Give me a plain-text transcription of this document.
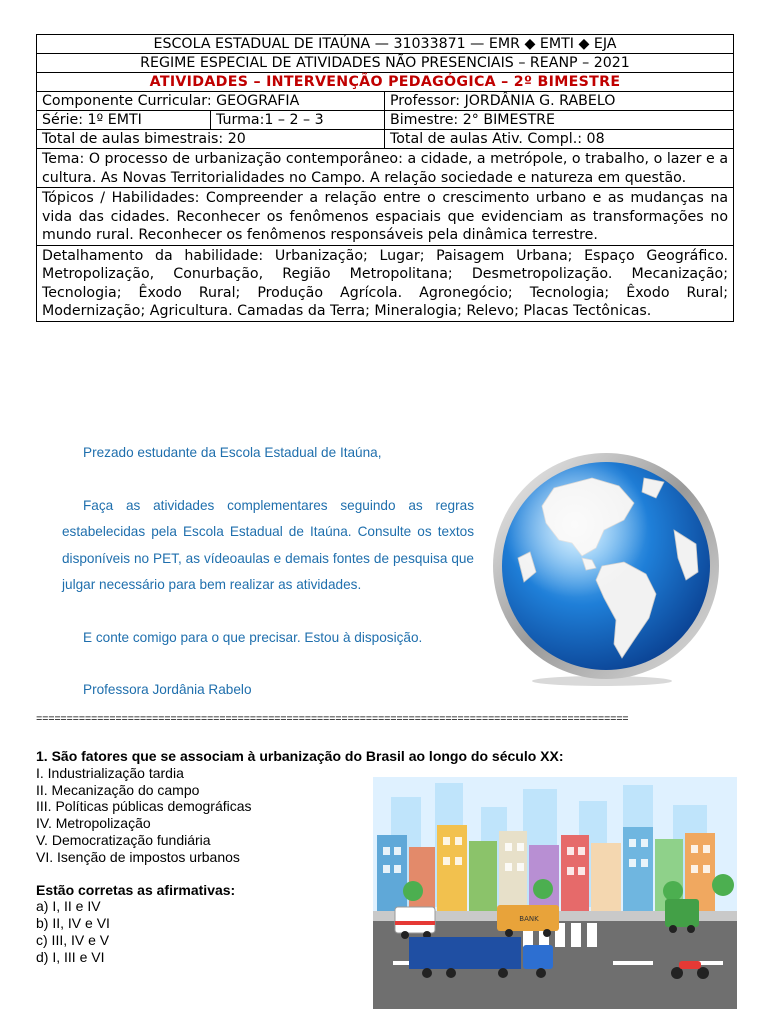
ESCOLA ESTADUAL DE ITAÚNA — 31033871 — EMR ◆ EMTI ◆ EJA		
REGIME ESPECIAL DE ATIVIDADES NÃO PRESENCIAIS – REANP – 2021		
ATIVIDADES – INTERVENÇÃO PEDAGÓGICA – 2º BIMESTRE		
Componente Curricular: GEOGRAFIA		Professor: JORDÂNIA G. RABELO
Série: 1º EMTI	Turma:1 – 2 – 3	Bimestre: 2° BIMESTRE
Total de aulas bimestrais: 20		Total de aulas Ativ. Compl.: 08
Tema: O processo de urbanização contemporâneo: a cidade, a metrópole, o trabalho, o lazer e a cultura. As Novas Territorialidades no Campo. A relação sociedade e natureza em questão.		
Tópicos / Habilidades: Compreender a relação entre o crescimento urbano e as mudanças na vida das cidades. Reconhecer os fenômenos espaciais que evidenciam as transformações no mundo rural. Reconhecer os fenômenos responsáveis pela dinâmica terrestre.		
Detalhamento da habilidade: Urbanização; Lugar; Paisagem Urbana; Espaço Geográfico. Metropolização, Conurbação, Região Metropolitana; Desmetropolização. Mecanização; Tecnologia; Êxodo Rural; Produção Agrícola. Agronegócio; Tecnologia; Êxodo Rural; Modernização; Agricultura. Camadas da Terra; Mineralogia; Relevo; Placas Tectônicas.		

Prezado estudante da Escola Estadual de Itaúna,

Faça as atividades complementares seguindo as regras estabelecidas pela Escola Estadual de Itaúna. Consulte os textos disponíveis no PET, as vídeoaulas e demais fontes de pesquisa que julgar necessário para bem realizar as atividades.

E conte comigo para o que precisar. Estou à disposição.

Professora Jordânia Rabelo

=================================================================================================
1. São fatores que se associam à urbanização do Brasil ao longo do século XX:
I. Industrialização tardia
II. Mecanização do campo
III. Políticas públicas demográficas
IV. Metropolização
V. Democratização fundiária
VI. Isenção de impostos urbanos
Estão corretas as afirmativas:
a) I, II e IV
b) II, IV e VI
c) III, IV e V
d) I, III e VI
BANK
